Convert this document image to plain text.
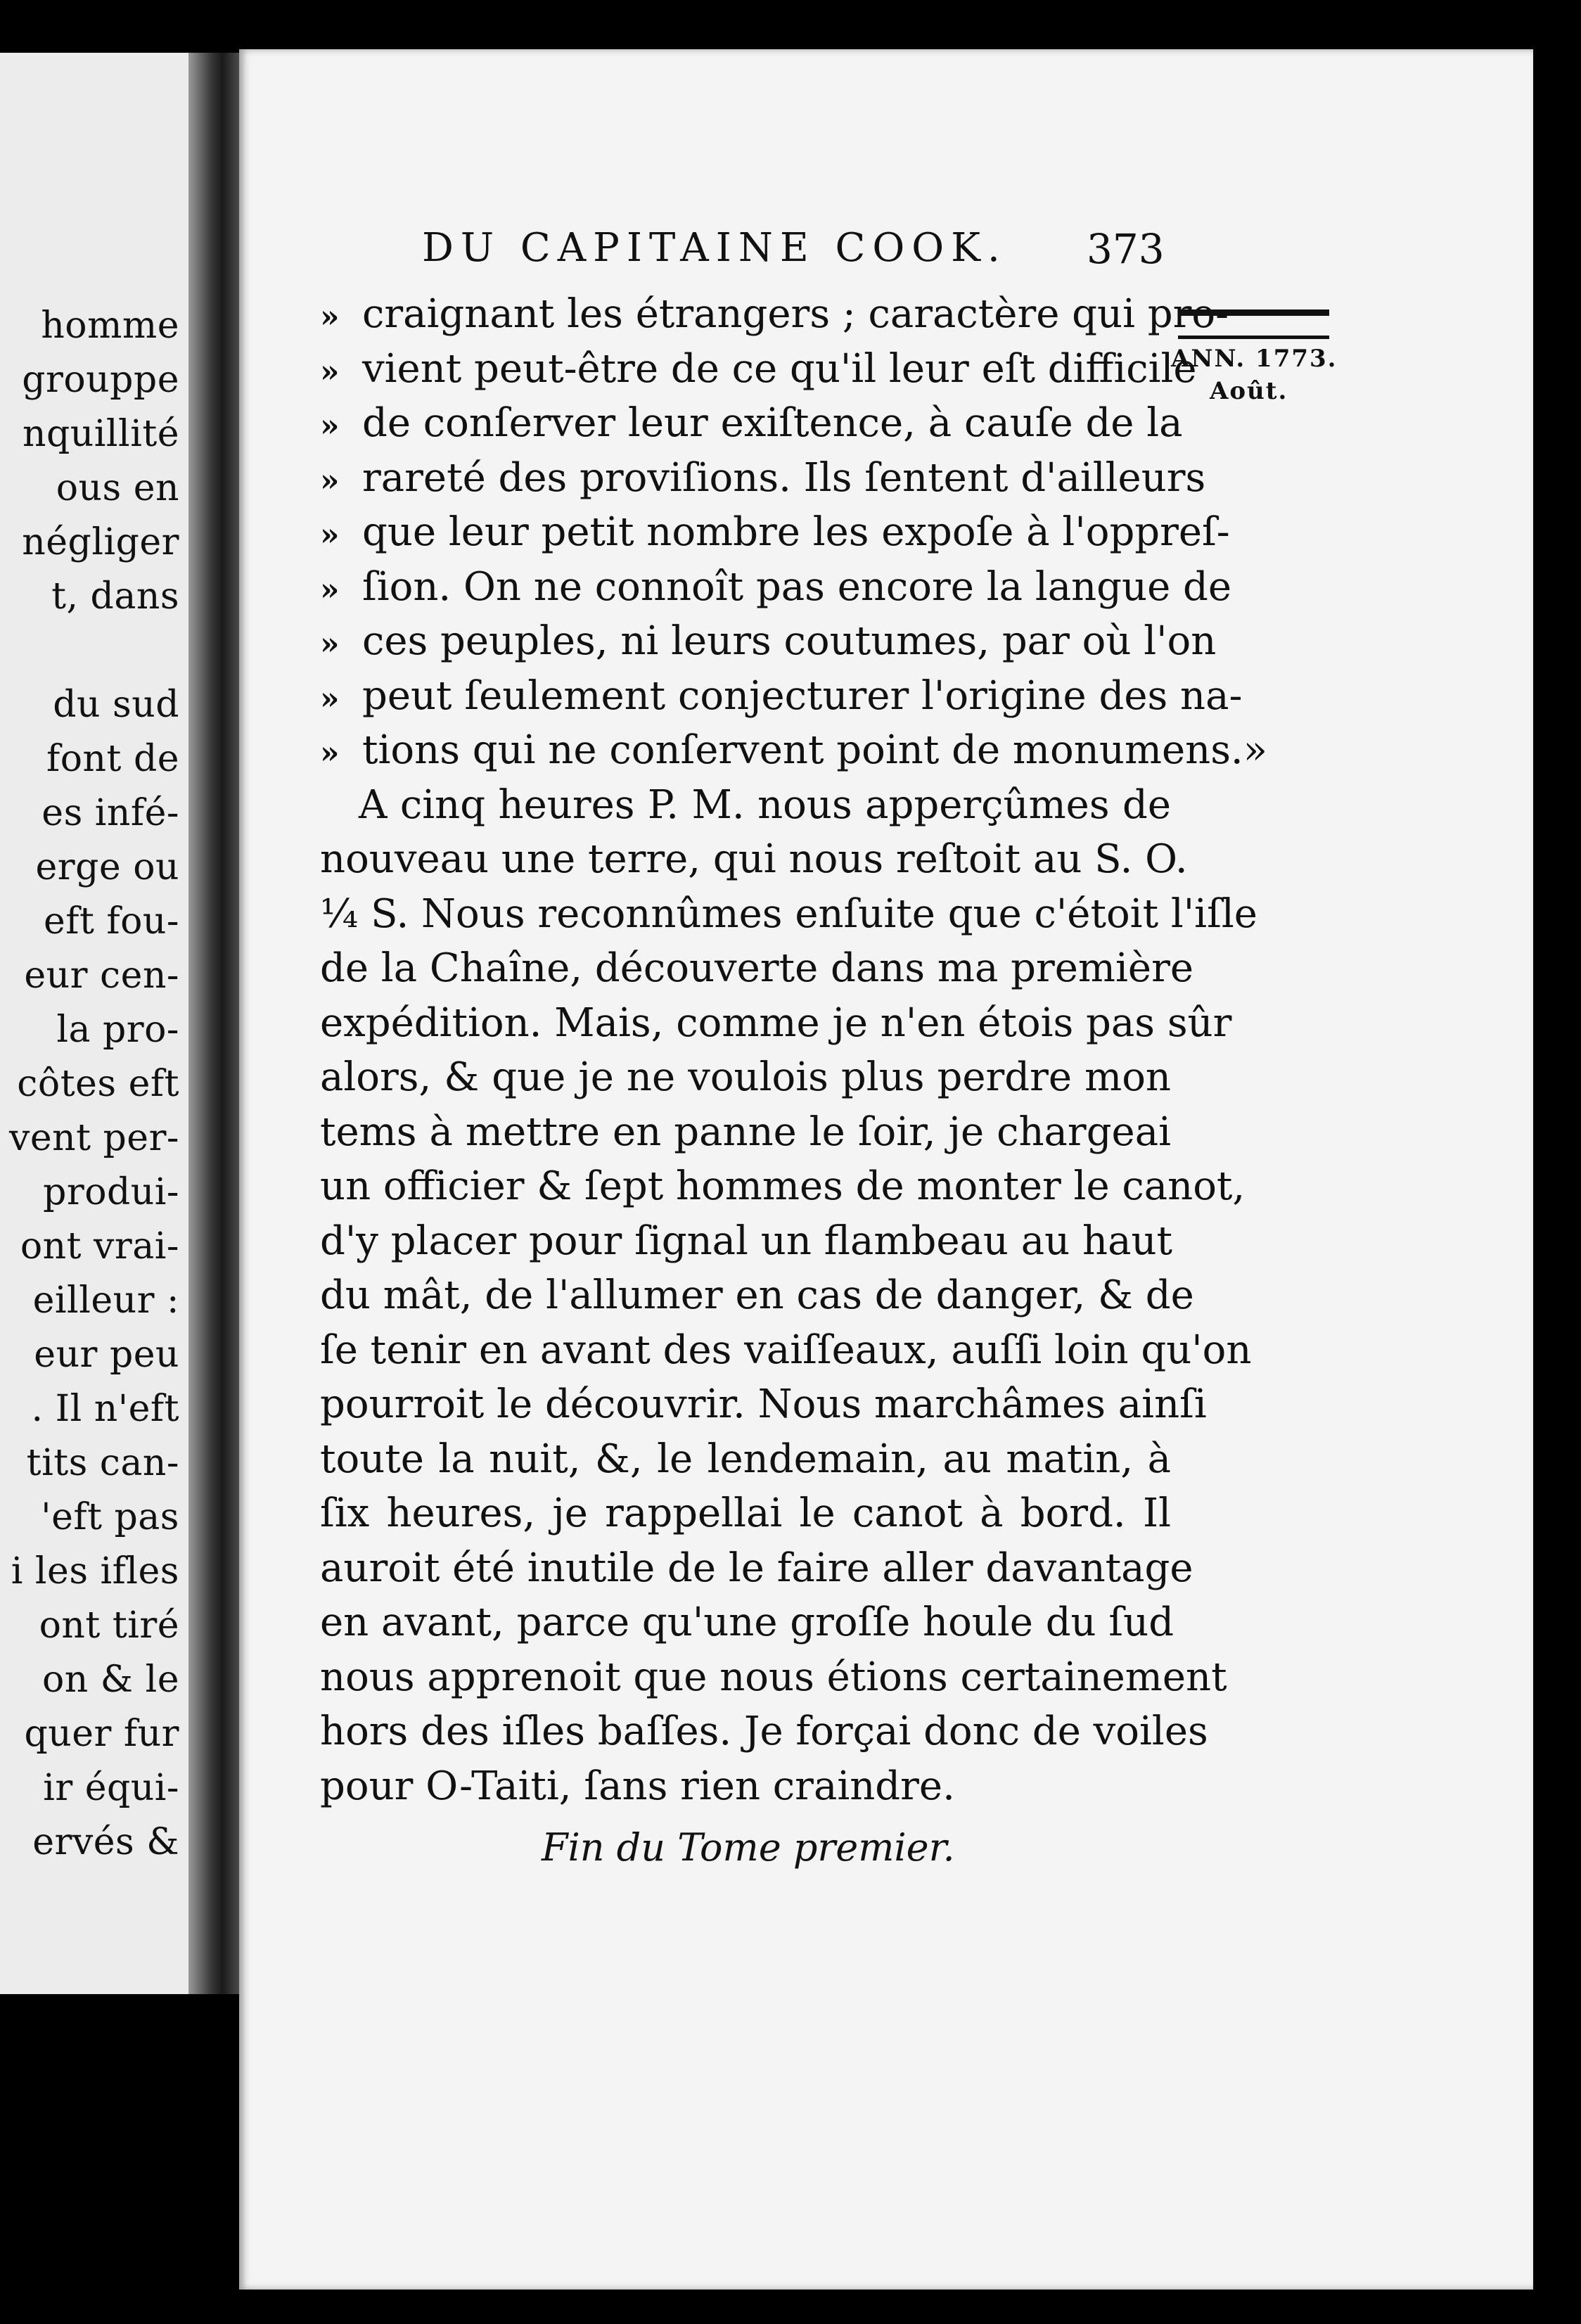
homme
grouppe
nquillité
ous en
négliger
t, dans
du sud
font de
es infé-
erge ou
eft fou-
eur cen-
la pro-
côtes eft
vent per-
produi-
ont vrai-
eilleur :
eur peu
. Il n'eft
tits can-
'eft pas
i les ifles
ont tiré
on & le
quer fur
ir équi-
ervés &
DU CAPITAINE COOK.	373
ANN. 1773.
Août.
» craignant les étrangers ; caractère qui pro-
» vient peut-être de ce qu'il leur eſt difficile
» de conſerver leur exiſtence, à cauſe de la
» rareté des proviſions. Ils ſentent d'ailleurs
» que leur petit nombre les expoſe à l'oppreſ-
» ſion. On ne connoît pas encore la langue de
» ces peuples, ni leurs coutumes, par où l'on
» peut ſeulement conjecturer l'origine des na-
» tions qui ne conſervent point de monumens.»
A cinq heures P. M. nous apperçûmes de
nouveau une terre, qui nous reſtoit au S. O.
¼ S. Nous reconnûmes enſuite que c'étoit l'iſle
de la Chaîne, découverte dans ma première
expédition. Mais, comme je n'en étois pas sûr
alors, & que je ne voulois plus perdre mon
tems à mettre en panne le ſoir, je chargeai
un officier & ſept hommes de monter le canot,
d'y placer pour ſignal un flambeau au haut
du mât, de l'allumer en cas de danger, & de
ſe tenir en avant des vaiſſeaux, auſſi loin qu'on
pourroit le découvrir. Nous marchâmes ainſi
toute la nuit, &, le lendemain, au matin, à
ſix heures, je rappellai le canot à bord. Il
auroit été inutile de le faire aller davantage
en avant, parce qu'une groſſe houle du ſud
nous apprenoit que nous étions certainement
hors des iſles baſſes. Je forçai donc de voiles
pour O-Taiti, ſans rien craindre.
Fin du Tome premier.
